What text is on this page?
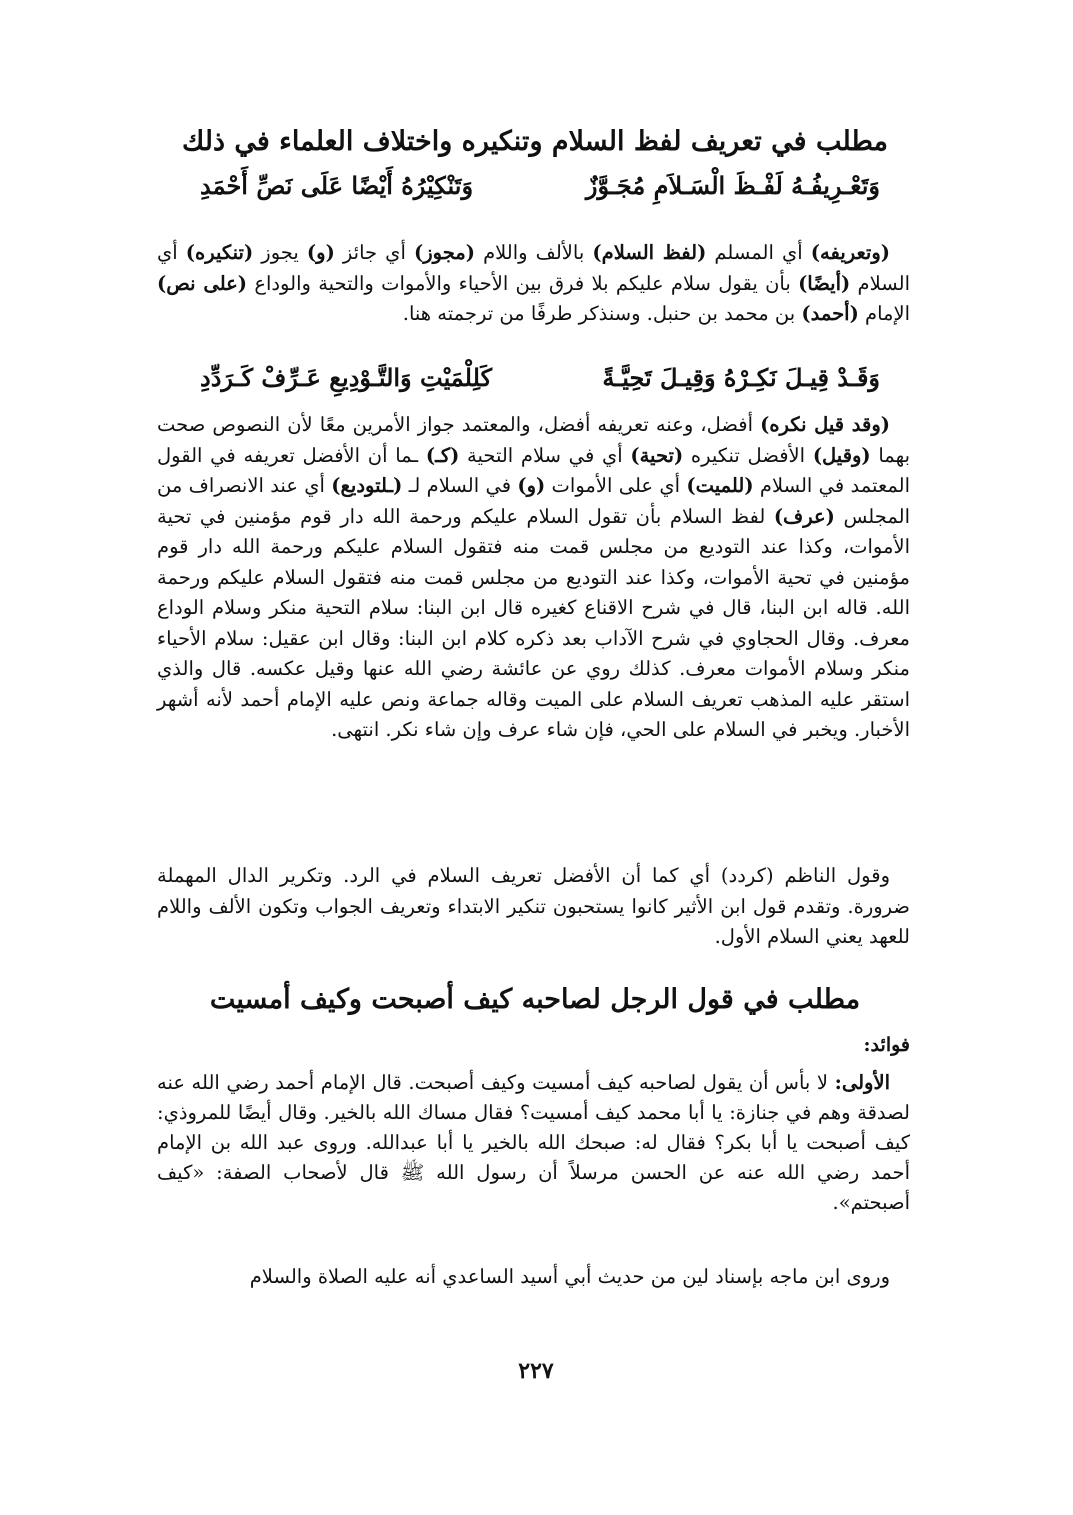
مطلب في تعريف لفظ السلام وتنكيره واختلاف العلماء في ذلك
وَتَعْـرِيفُـهُ لَفْـظَ الْسَـلاَمِ مُجَـوَّزٌ
وَتَنْكِيْرُهُ أَيْضًا عَلَى نَصِّ أَحْمَدِ

(وتعريفه) أي المسلم (لفظ السلام) بالألف واللام (مجوز) أي جائز (و) يجوز (تنكيره) أي السلام (أيضًا) بأن يقول سلام عليكم بلا فرق بين الأحياء والأموات والتحية والوداع (على نص) الإمام (أحمد) بن محمد بن حنبل. وسنذكر طرفًا من ترجمته هنا.

وَقَـدْ قِيـلَ نَكِـرْهُ وَقِيـلَ تَحِيَّـةً
كَلِلْمَيْتِ وَالتَّـوْدِيعِ عَـرِّفْ كَـرَدِّدِ

(وقد قيل نكره) أفضل، وعنه تعريفه أفضل، والمعتمد جواز الأمرين معًا لأن النصوص صحت بهما (وقيل) الأفضل تنكيره (تحية) أي في سلام التحية (كـ) ـما أن الأفضل تعريفه في القول المعتمد في السلام (للميت) أي على الأموات (و) في السلام لـ (ـلتوديع) أي عند الانصراف من المجلس (عرف) لفظ السلام بأن تقول السلام عليكم ورحمة الله دار قوم مؤمنين في تحية الأموات، وكذا عند التوديع من مجلس قمت منه فتقول السلام عليكم ورحمة الله دار قوم مؤمنين في تحية الأموات، وكذا عند التوديع من مجلس قمت منه فتقول السلام عليكم ورحمة الله. قاله ابن البنا، قال في شرح الاقناع كغيره قال ابن البنا: سلام التحية منكر وسلام الوداع معرف. وقال الحجاوي في شرح الآداب بعد ذكره كلام ابن البنا: وقال ابن عقيل: سلام الأحياء منكر وسلام الأموات معرف. كذلك روي عن عائشة رضي الله عنها وقيل عكسه. قال والذي استقر عليه المذهب تعريف السلام على الميت وقاله جماعة ونص عليه الإمام أحمد لأنه أشهر الأخبار. ويخبر في السلام على الحي، فإن شاء عرف وإن شاء نكر. انتهى.

وقول الناظم (كردد) أي كما أن الأفضل تعريف السلام في الرد. وتكرير الدال المهملة ضرورة. وتقدم قول ابن الأثير كانوا يستحبون تنكير الابتداء وتعريف الجواب وتكون الألف واللام للعهد يعني السلام الأول.

مطلب في قول الرجل لصاحبه كيف أصبحت وكيف أمسيت
فوائد:

الأولى: لا بأس أن يقول لصاحبه كيف أمسيت وكيف أصبحت. قال الإمام أحمد رضي الله عنه لصدقة وهم في جنازة: يا أبا محمد كيف أمسيت؟ فقال مساك الله بالخير. وقال أيضًا للمروذي: كيف أصبحت يا أبا بكر؟ فقال له: صبحك الله بالخير يا أبا عبدالله. وروى عبد الله بن الإمام أحمد رضي الله عنه عن الحسن مرسلاً أن رسول الله ﷺ قال لأصحاب الصفة: «كيف أصبحتم».

وروى ابن ماجه بإسناد لين من حديث أبي أسيد الساعدي أنه عليه الصلاة والسلام

٢٢٧
